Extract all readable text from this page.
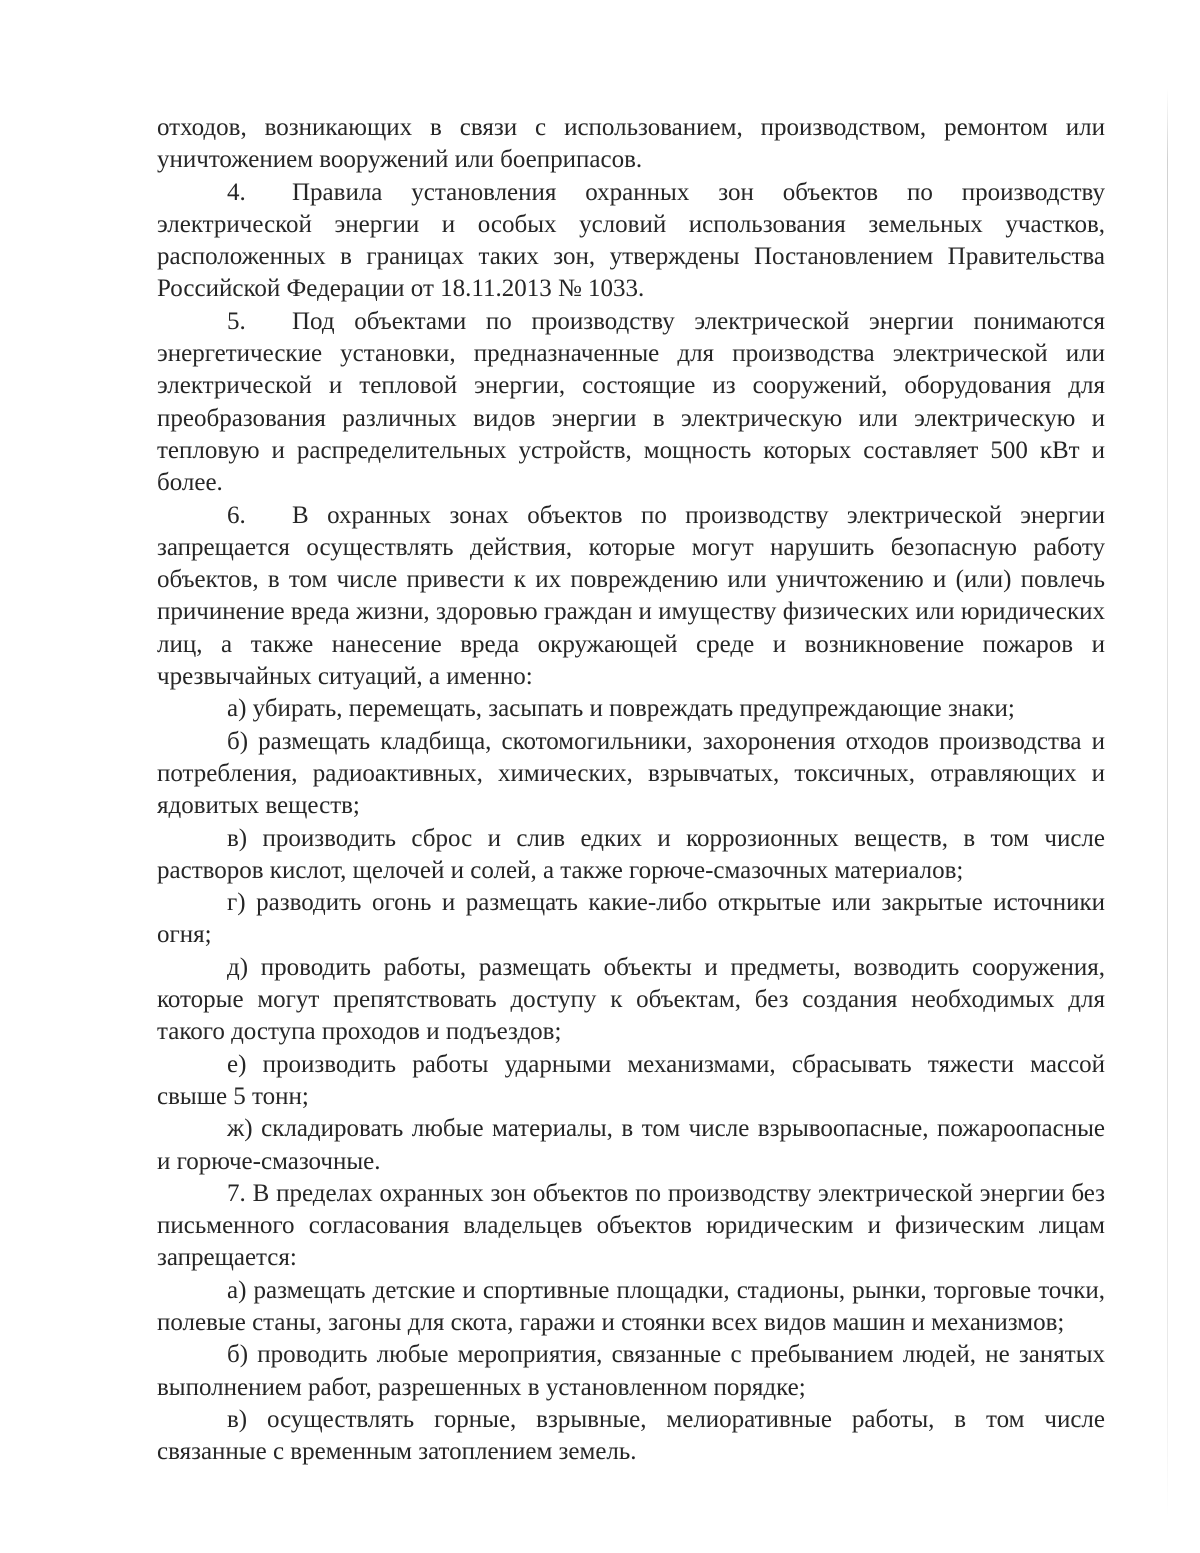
отходов, возникающих в связи с использованием, производством, ремонтом или уничтожением вооружений или боеприпасов.

4. Правила установления охранных зон объектов по производству электрической энергии и особых условий использования земельных участков, расположенных в границах таких зон, утверждены Постановлением Правительства Российской Федерации от 18.11.2013 № 1033.

5. Под объектами по производству электрической энергии понимаются энергетические установки, предназначенные для производства электрической или электрической и тепловой энергии, состоящие из сооружений, оборудования для преобразования различных видов энергии в электрическую или электрическую и тепловую и распределительных устройств, мощность которых составляет 500 кВт и более.

6. В охранных зонах объектов по производству электрической энергии запрещается осуществлять действия, которые могут нарушить безопасную работу объектов, в том числе привести к их повреждению или уничтожению и (или) повлечь причинение вреда жизни, здоровью граждан и имуществу физических или юридических лиц, а также нанесение вреда окружающей среде и возникновение пожаров и чрезвычайных ситуаций, а именно:

а) убирать, перемещать, засыпать и повреждать предупреждающие знаки;

б) размещать кладбища, скотомогильники, захоронения отходов производства и потребления, радиоактивных, химических, взрывчатых, токсичных, отравляющих и ядовитых веществ;

в) производить сброс и слив едких и коррозионных веществ, в том числе растворов кислот, щелочей и солей, а также горюче-смазочных материалов;

г) разводить огонь и размещать какие-либо открытые или закрытые источники огня;

д) проводить работы, размещать объекты и предметы, возводить сооружения, которые могут препятствовать доступу к объектам, без создания необходимых для такого доступа проходов и подъездов;

е) производить работы ударными механизмами, сбрасывать тяжести массой свыше 5 тонн;

ж) складировать любые материалы, в том числе взрывоопасные, пожароопасные и горюче-смазочные.

7. В пределах охранных зон объектов по производству электрической энергии без письменного согласования владельцев объектов юридическим и физическим лицам запрещается:

а) размещать детские и спортивные площадки, стадионы, рынки, торговые точки, полевые станы, загоны для скота, гаражи и стоянки всех видов машин и механизмов;

б) проводить любые мероприятия, связанные с пребыванием людей, не занятых выполнением работ, разрешенных в установленном порядке;

в) осуществлять горные, взрывные, мелиоративные работы, в том числе связанные с временным затоплением земель.
